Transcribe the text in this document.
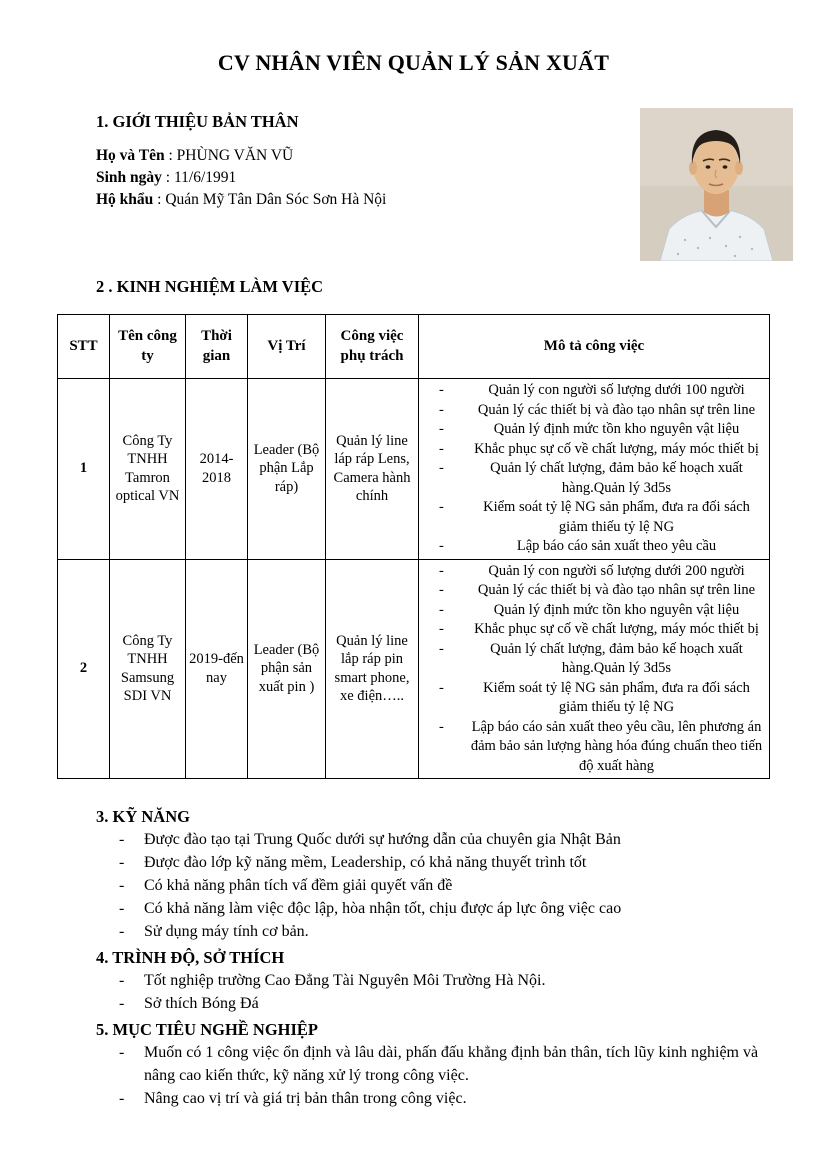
CV NHÂN VIÊN QUẢN LÝ SẢN XUẤT
1. GIỚI THIỆU BẢN THÂN

Họ và Tên : PHÙNG VĂN VŨ

Sinh ngày : 11/6/1991

Hộ khẩu : Quán Mỹ Tân Dân Sóc Sơn Hà Nội

2 . KINH NGHIỆM LÀM VIỆC
STT	Tên công ty	Thời gian	Vị Trí	Công việc phụ trách	Mô tả công việc
1	Công Ty TNHH Tamron optical VN	2014-2018	Leader (Bộ phận Lắp ráp)	Quản lý line láp ráp Lens, Camera hành chính	
- Quản lý con người số lượng dưới 100 người
- Quản lý các thiết bị và đào tạo nhân sự trên line
- Quản lý định mức tồn kho nguyên vật liệu
- Khắc phục sự cố về chất lượng, máy móc thiết bị
- Quản lý chất lượng, đảm bảo kế hoạch xuất hàng.Quản lý 3d5s
- Kiểm soát tỷ lệ NG sản phẩm, đưa ra đối sách giảm thiếu tỷ lệ NG
- Lập báo cáo sản xuất theo yêu cầu

2	Công Ty TNHH Samsung SDI VN	2019-đến nay	Leader (Bộ phận sản xuất pin )	Quản lý line lắp ráp pin smart phone, xe điện…..	
- Quản lý con người số lượng dưới 200 người
- Quản lý các thiết bị và đào tạo nhân sự trên line
- Quản lý định mức tồn kho nguyên vật liệu
- Khắc phục sự cố về chất lượng, máy móc thiết bị
- Quản lý chất lượng, đảm bảo kế hoạch xuất hàng.Quản lý 3d5s
- Kiểm soát tỷ lệ NG sản phẩm, đưa ra đối sách giảm thiếu tỷ lệ NG
- Lập báo cáo sản xuất theo yêu cầu, lên phương án đảm bảo sản lượng hàng hóa đúng chuẩn theo tiến độ xuất hàng
3. KỸ NĂNG
- Được đào tạo tại Trung Quốc dưới sự hướng dẫn của chuyên gia Nhật Bản
- Được đào lớp kỹ năng mềm, Leadership, có khả năng thuyết trình tốt
- Có khả năng phân tích vấ đềm giải quyết vấn đề
- Có khả năng làm việc độc lập, hòa nhận tốt, chịu được áp lực ông việc cao
- Sử dụng máy tính cơ bản.
4. TRÌNH ĐỘ, SỞ THÍCH
- Tốt nghiệp trường Cao Đẳng Tài Nguyên Môi Trường Hà Nội.
- Sở thích Bóng Đá
5. MỤC TIÊU NGHỀ NGHIỆP
- Muốn có 1 công việc ổn định và lâu dài, phấn đấu khẳng định bản thân, tích lũy kinh nghiệm và nâng cao kiến thức, kỹ năng xử lý trong công việc.
- Nâng cao vị trí và giá trị bản thân trong công việc.
